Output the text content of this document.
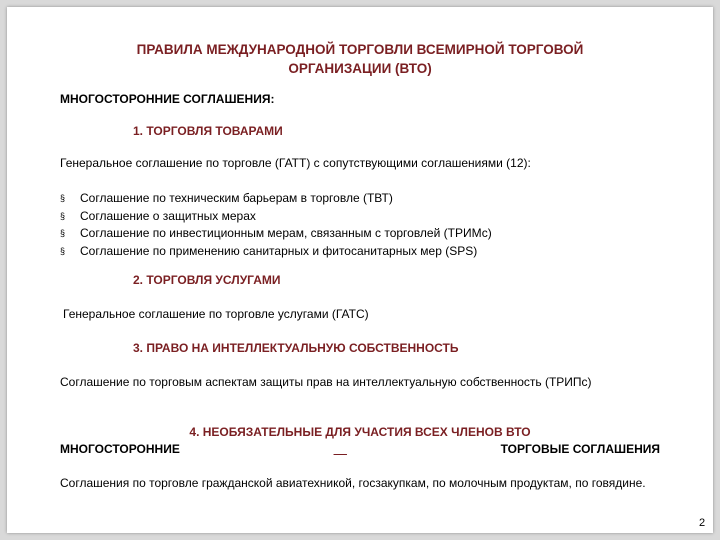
ПРАВИЛА МЕЖДУНАРОДНОЙ ТОРГОВЛИ ВСЕМИРНОЙ ТОРГОВОЙ
ОРГАНИЗАЦИИ (ВТО)
МНОГОСТОРОННИЕ СОГЛАШЕНИЯ:
1. ТОРГОВЛЯ ТОВАРАМИ
Генеральное соглашение по торговле (ГАТТ) с сопутствующими соглашениями (12):
§	Соглашение по техническим барьерам в торговле (ТВТ)
§	Соглашение о защитных мерах
§	Соглашение по инвестиционным мерам, связанным с торговлей (ТРИМс)
§	Соглашение по применению санитарных и фитосанитарных мер (SPS)
2. ТОРГОВЛЯ УСЛУГАМИ
Генеральное соглашение по торговле услугами (ГАТС)
3. ПРАВО НА ИНТЕЛЛЕКТУАЛЬНУЮ СОБСТВЕННОСТЬ
Соглашение по торговым аспектам защиты прав на интеллектуальную собственность (ТРИПс)
4. НЕОБЯЗАТЕЛЬНЫЕ ДЛЯ УЧАСТИЯ ВСЕХ ЧЛЕНОВ ВТО
МНОГОСТОРОННИЕ	__	ТОРГОВЫЕ СОГЛАШЕНИЯ
Соглашения по торговле гражданской авиатехникой, госзакупкам, по молочным продуктам, по говядине.
2
